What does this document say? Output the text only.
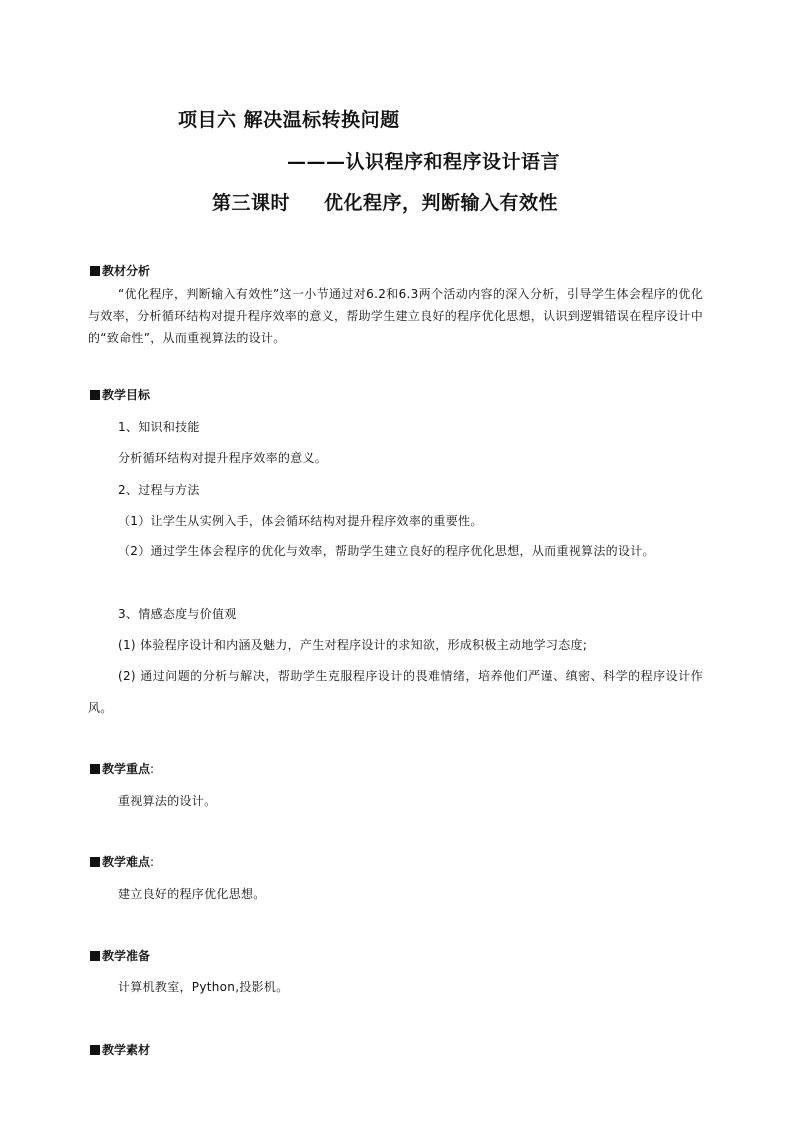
项目六 解决温标转换问题
———认识程序和程序设计语言
第三课时 优化程序，判断输入有效性
教材分析
“优化程序，判断输入有效性”这一小节通过对6.2和6.3两个活动内容的深入分析，引导学生体会程序的优化与效率，分析循环结构对提升程序效率的意义，帮助学生建立良好的程序优化思想，认识到逻辑错误在程序设计中的“致命性”，从而重视算法的设计。
教学目标
1、知识和技能
分析循环结构对提升程序效率的意义。
2、过程与方法
（1）让学生从实例入手，体会循环结构对提升程序效率的重要性。
（2）通过学生体会程序的优化与效率，帮助学生建立良好的程序优化思想，从而重视算法的设计。
3、情感态度与价值观
(1) 体验程序设计和内涵及魅力，产生对程序设计的求知欲，形成积极主动地学习态度;
(2) 通过问题的分析与解决，帮助学生克服程序设计的畏难情绪，培养他们严谨、缜密、科学的程序设计作风。
教学重点 :
重视算法的设计。
教学难点 :
建立良好的程序优化思想。
教学准备
计算机教室，Python,投影机。
教学素材
